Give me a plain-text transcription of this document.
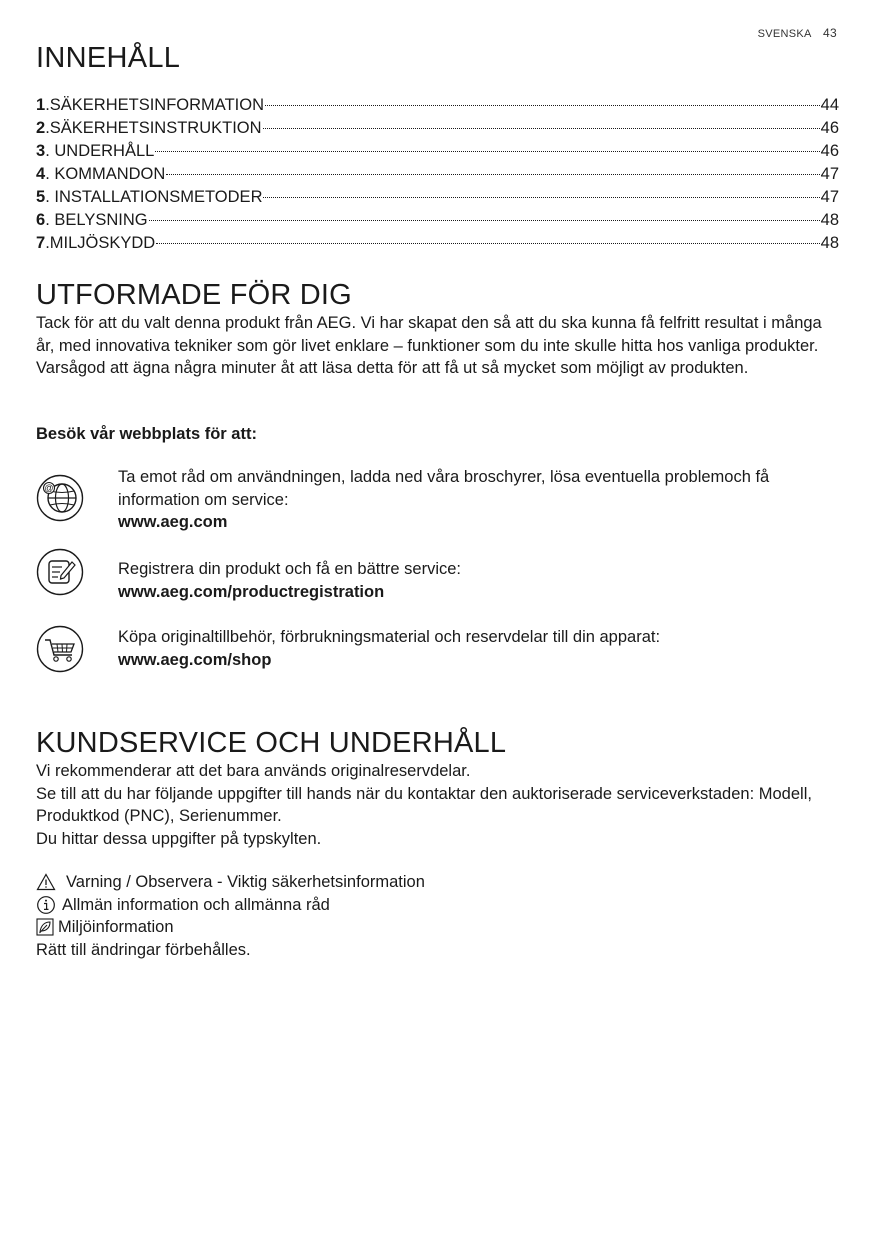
SVENSKA 43
INNEHÅLL
1 . SÄKERHETSINFORMATION	44
2 . SÄKERHETSINSTRUKTION	46
3 . UNDERHÅLL	46
4 . KOMMANDON	47
5 . INSTALLATIONSMETODER	47
6 . BELYSNING	48
7 . MILJÖSKYDD	48
UTFORMADE FÖR DIG

Tack för att du valt denna produkt från AEG. Vi har skapat den så att du ska kunna få felfritt resultat i många år, med innovativa tekniker som gör livet enklare – funktioner som du inte skulle hitta hos vanliga produkter. Varsågod att ägna några minuter åt att läsa detta för att få ut så mycket som möjligt av produkten.

Besök vår webbplats för att:

@
Ta emot råd om användningen, ladda ned våra broschyrer, lösa eventuella problemoch få information om service:
www.aeg.com
Registrera din produkt och få en bättre service:
www.aeg.com/productregistration
Köpa originaltillbehör, förbrukningsmaterial och reservdelar till din apparat:
www.aeg.com/shop
KUNDSERVICE OCH UNDERHÅLL
Vi rekommenderar att det bara används originalreservdelar.
Se till att du har följande uppgifter till hands när du kontaktar den auktoriserade serviceverkstaden: Modell, Produktkod (PNC), Serienummer.
Du hittar dessa uppgifter på typskylten.
Varning / Observera - Viktig säkerhetsinformation
Allmän information och allmänna råd
Miljöinformation
Rätt till ändringar förbehålles.
